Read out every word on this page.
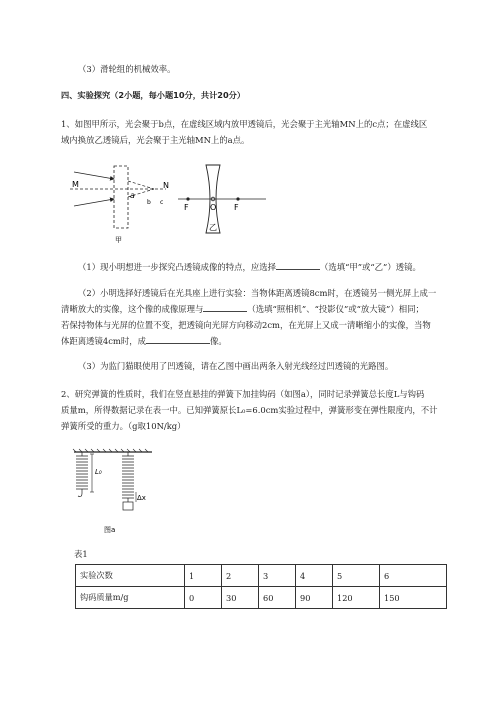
（3）滑轮组的机械效率。
四、实验探究（2小题，每小题10分，共计20分）
1、如图甲所示，光会聚于b点，在虚线区域内放甲透镜后，光会聚于主光轴MN上的c点；在虚线区
域内换放乙透镜后，光会聚于主光轴MN上的a点。
M
a
b c
N
甲
F	O F
乙
（1）现小明想进一步探究凸透镜成像的特点，应选择	（选填“甲”或“乙”）透镜。
（2）小明选择好透镜后在光具座上进行实验：当物体距离透镜8cm时，在透镜另一侧光屏上成一
清晰放大的实像，这个像的成像原理与	（选填“照相机”、“投影仪”或“放大镜”）相同；
若保持物体与光屏的位置不变，把透镜向光屏方向移动2cm，在光屏上又成一清晰缩小的实像，当物
体距离透镜4cm时，成	像。
（3）为监门猫眼使用了凹透镜，请在乙图中画出两条入射光线经过凹透镜的光路图。
2、研究弹簧的性质时，我们在竖直悬挂的弹簧下加挂钩码（如图a），同时记录弹簧总长度L与钩码
质量m，所得数据记录在表一中。已知弹簧原长L₀=6.0cm实验过程中，弹簧形变在弹性限度内，不计
弹簧所受的重力。（g取10N/kg）
L₀
Δx
图a
表1
实验次数	1	2	3	4	5	6
钩码质量m/g	0	30	60	90	120	150
